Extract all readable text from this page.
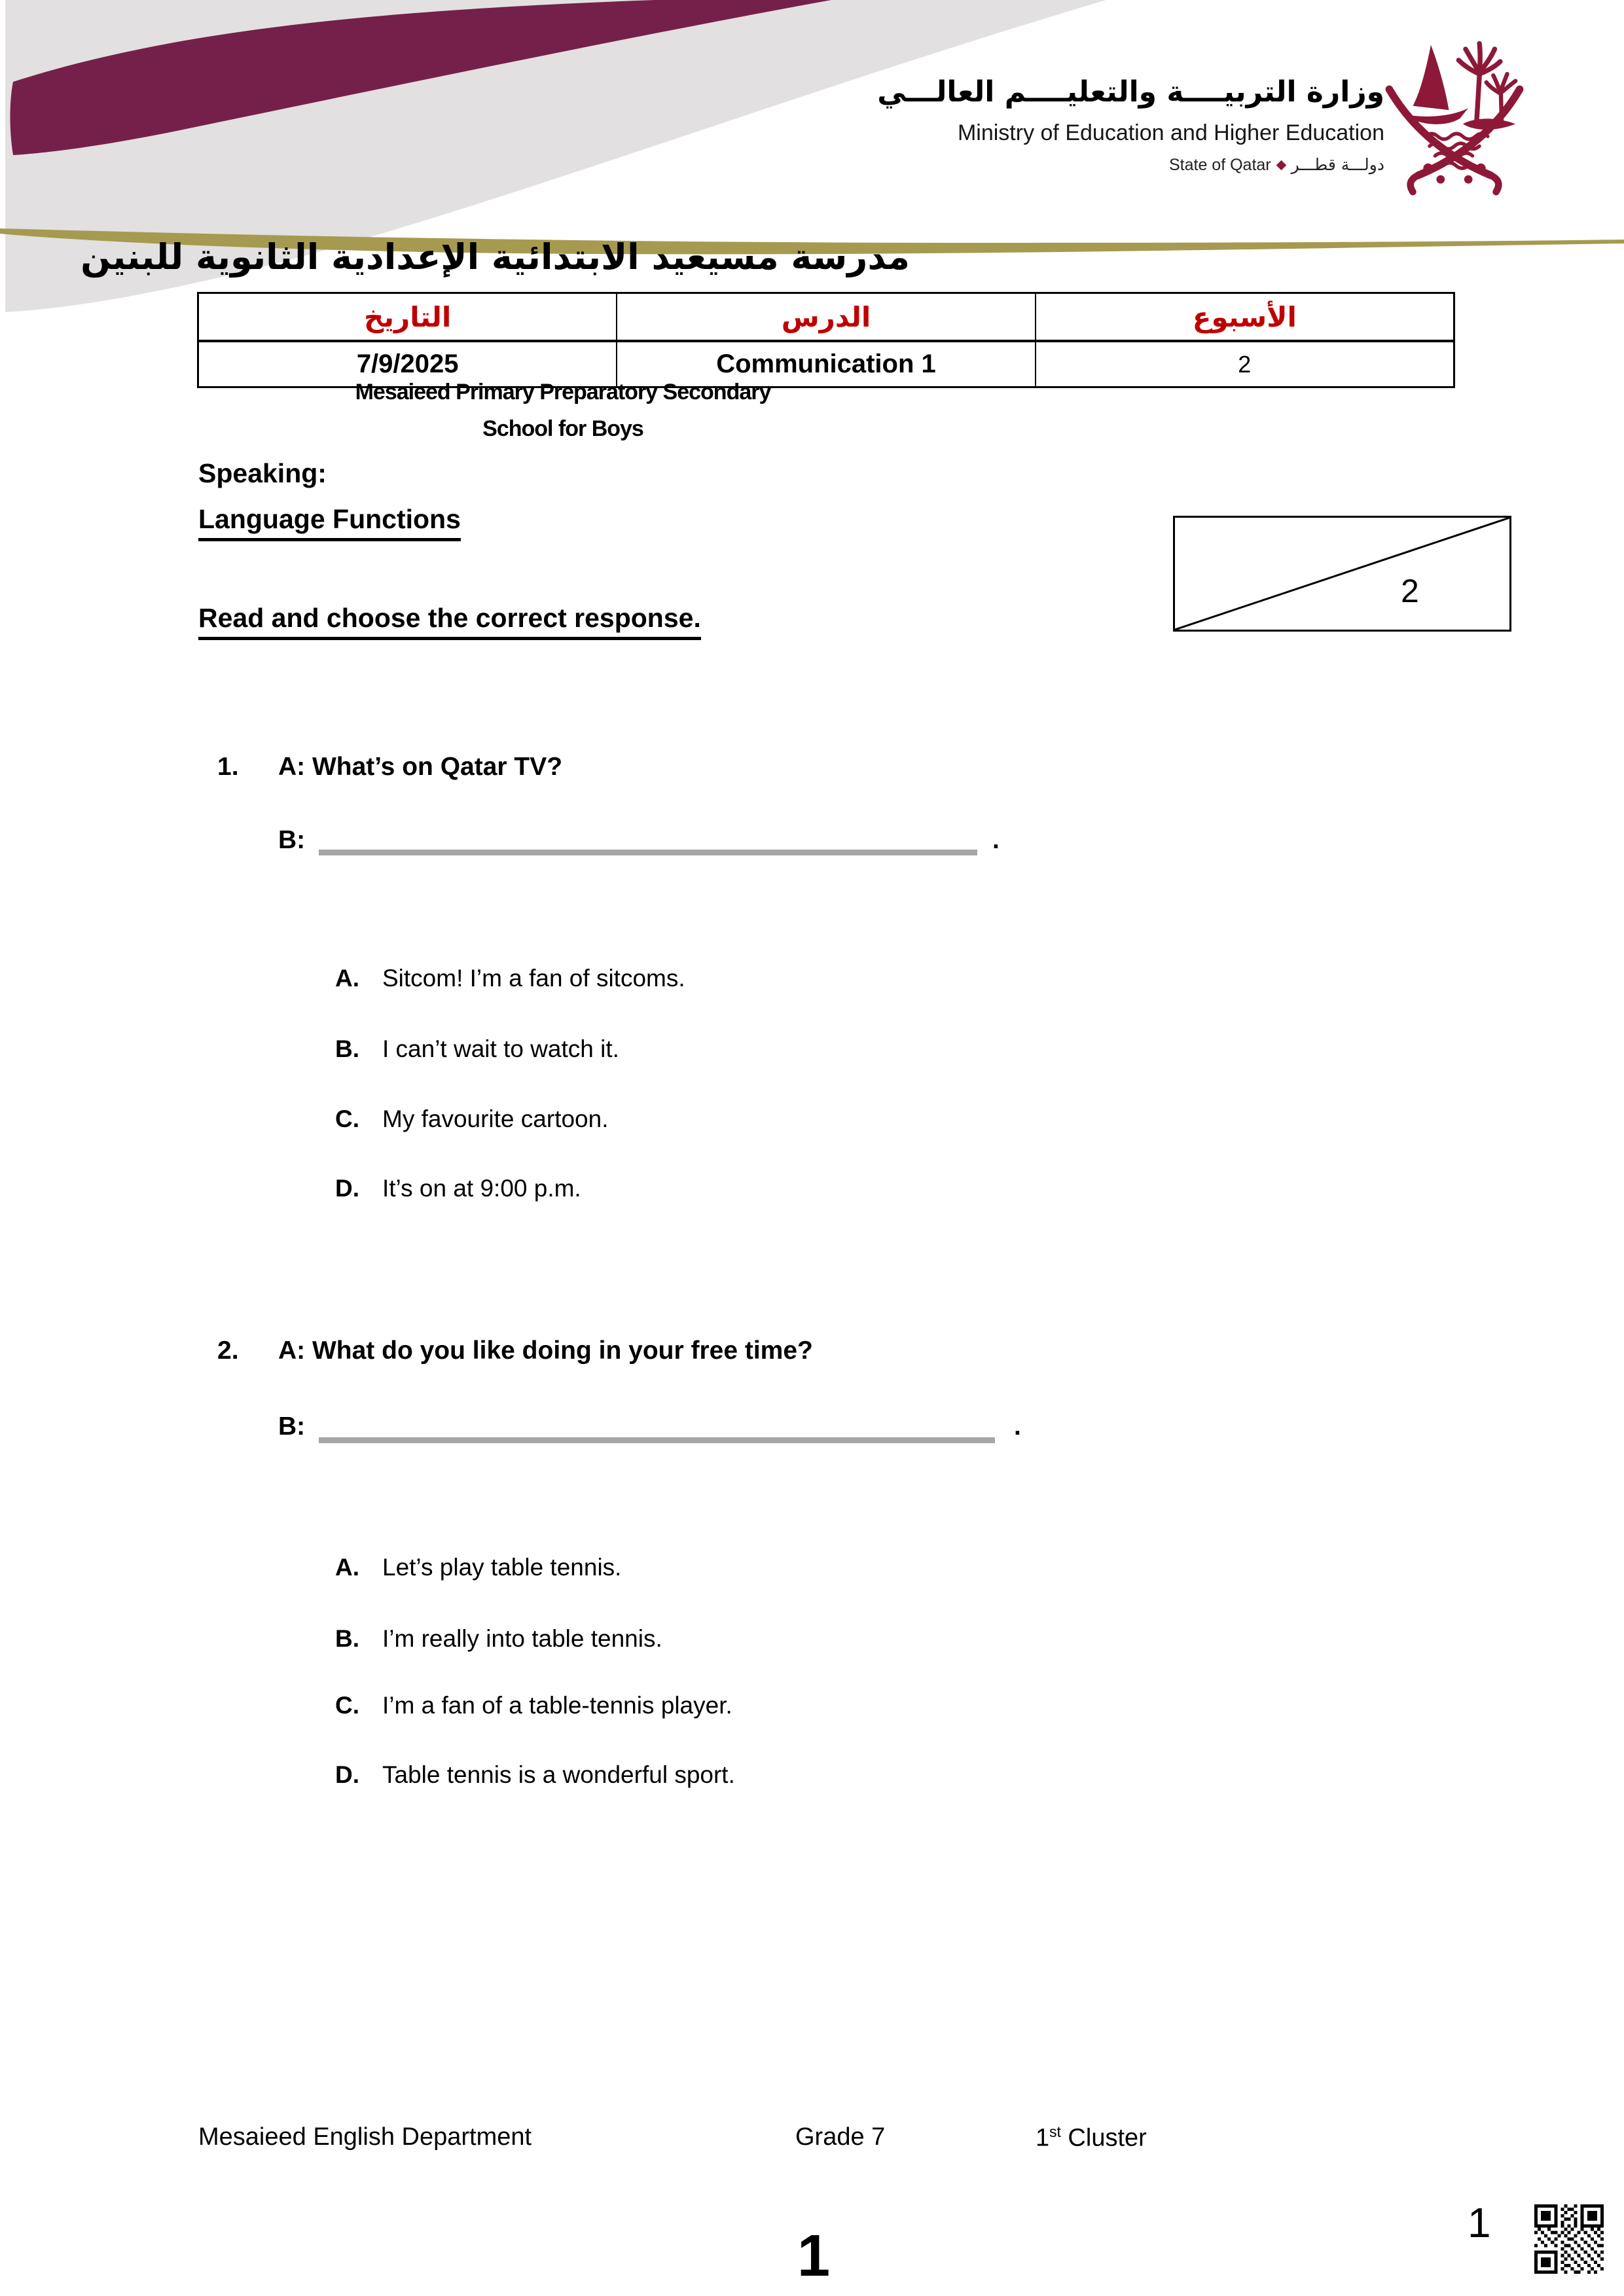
مدرسة مسيعيد الابتدائية الإعدادية الثانوية للبنين
Mesaieed Primary Preparatory Secondary
School for Boys
وزارة التربيــــة والتعليــــم العالـــي
Ministry of Education and Higher Education
State of Qatar دولـــة قطـــر
التاريخ	الدرس	الأسبوع
7/9/2025	Communication 1	2
Speaking:
Language Functions
Read and choose the correct response.
2
1. A: What’s on Qatar TV?
B:	.
A. Sitcom! I’m a fan of sitcoms.
B. I can’t wait to watch it.
C. My favourite cartoon.
D. It’s on at 9:00 p.m.
2. A: What do you like doing in your free time?
B:	.
A. Let’s play table tennis.
B. I’m really into table tennis.
C. I’m a fan of a table-tennis player.
D. Table tennis is a wonderful sport.
Mesaieed English Department	Grade 7	1st Cluster
1
1
